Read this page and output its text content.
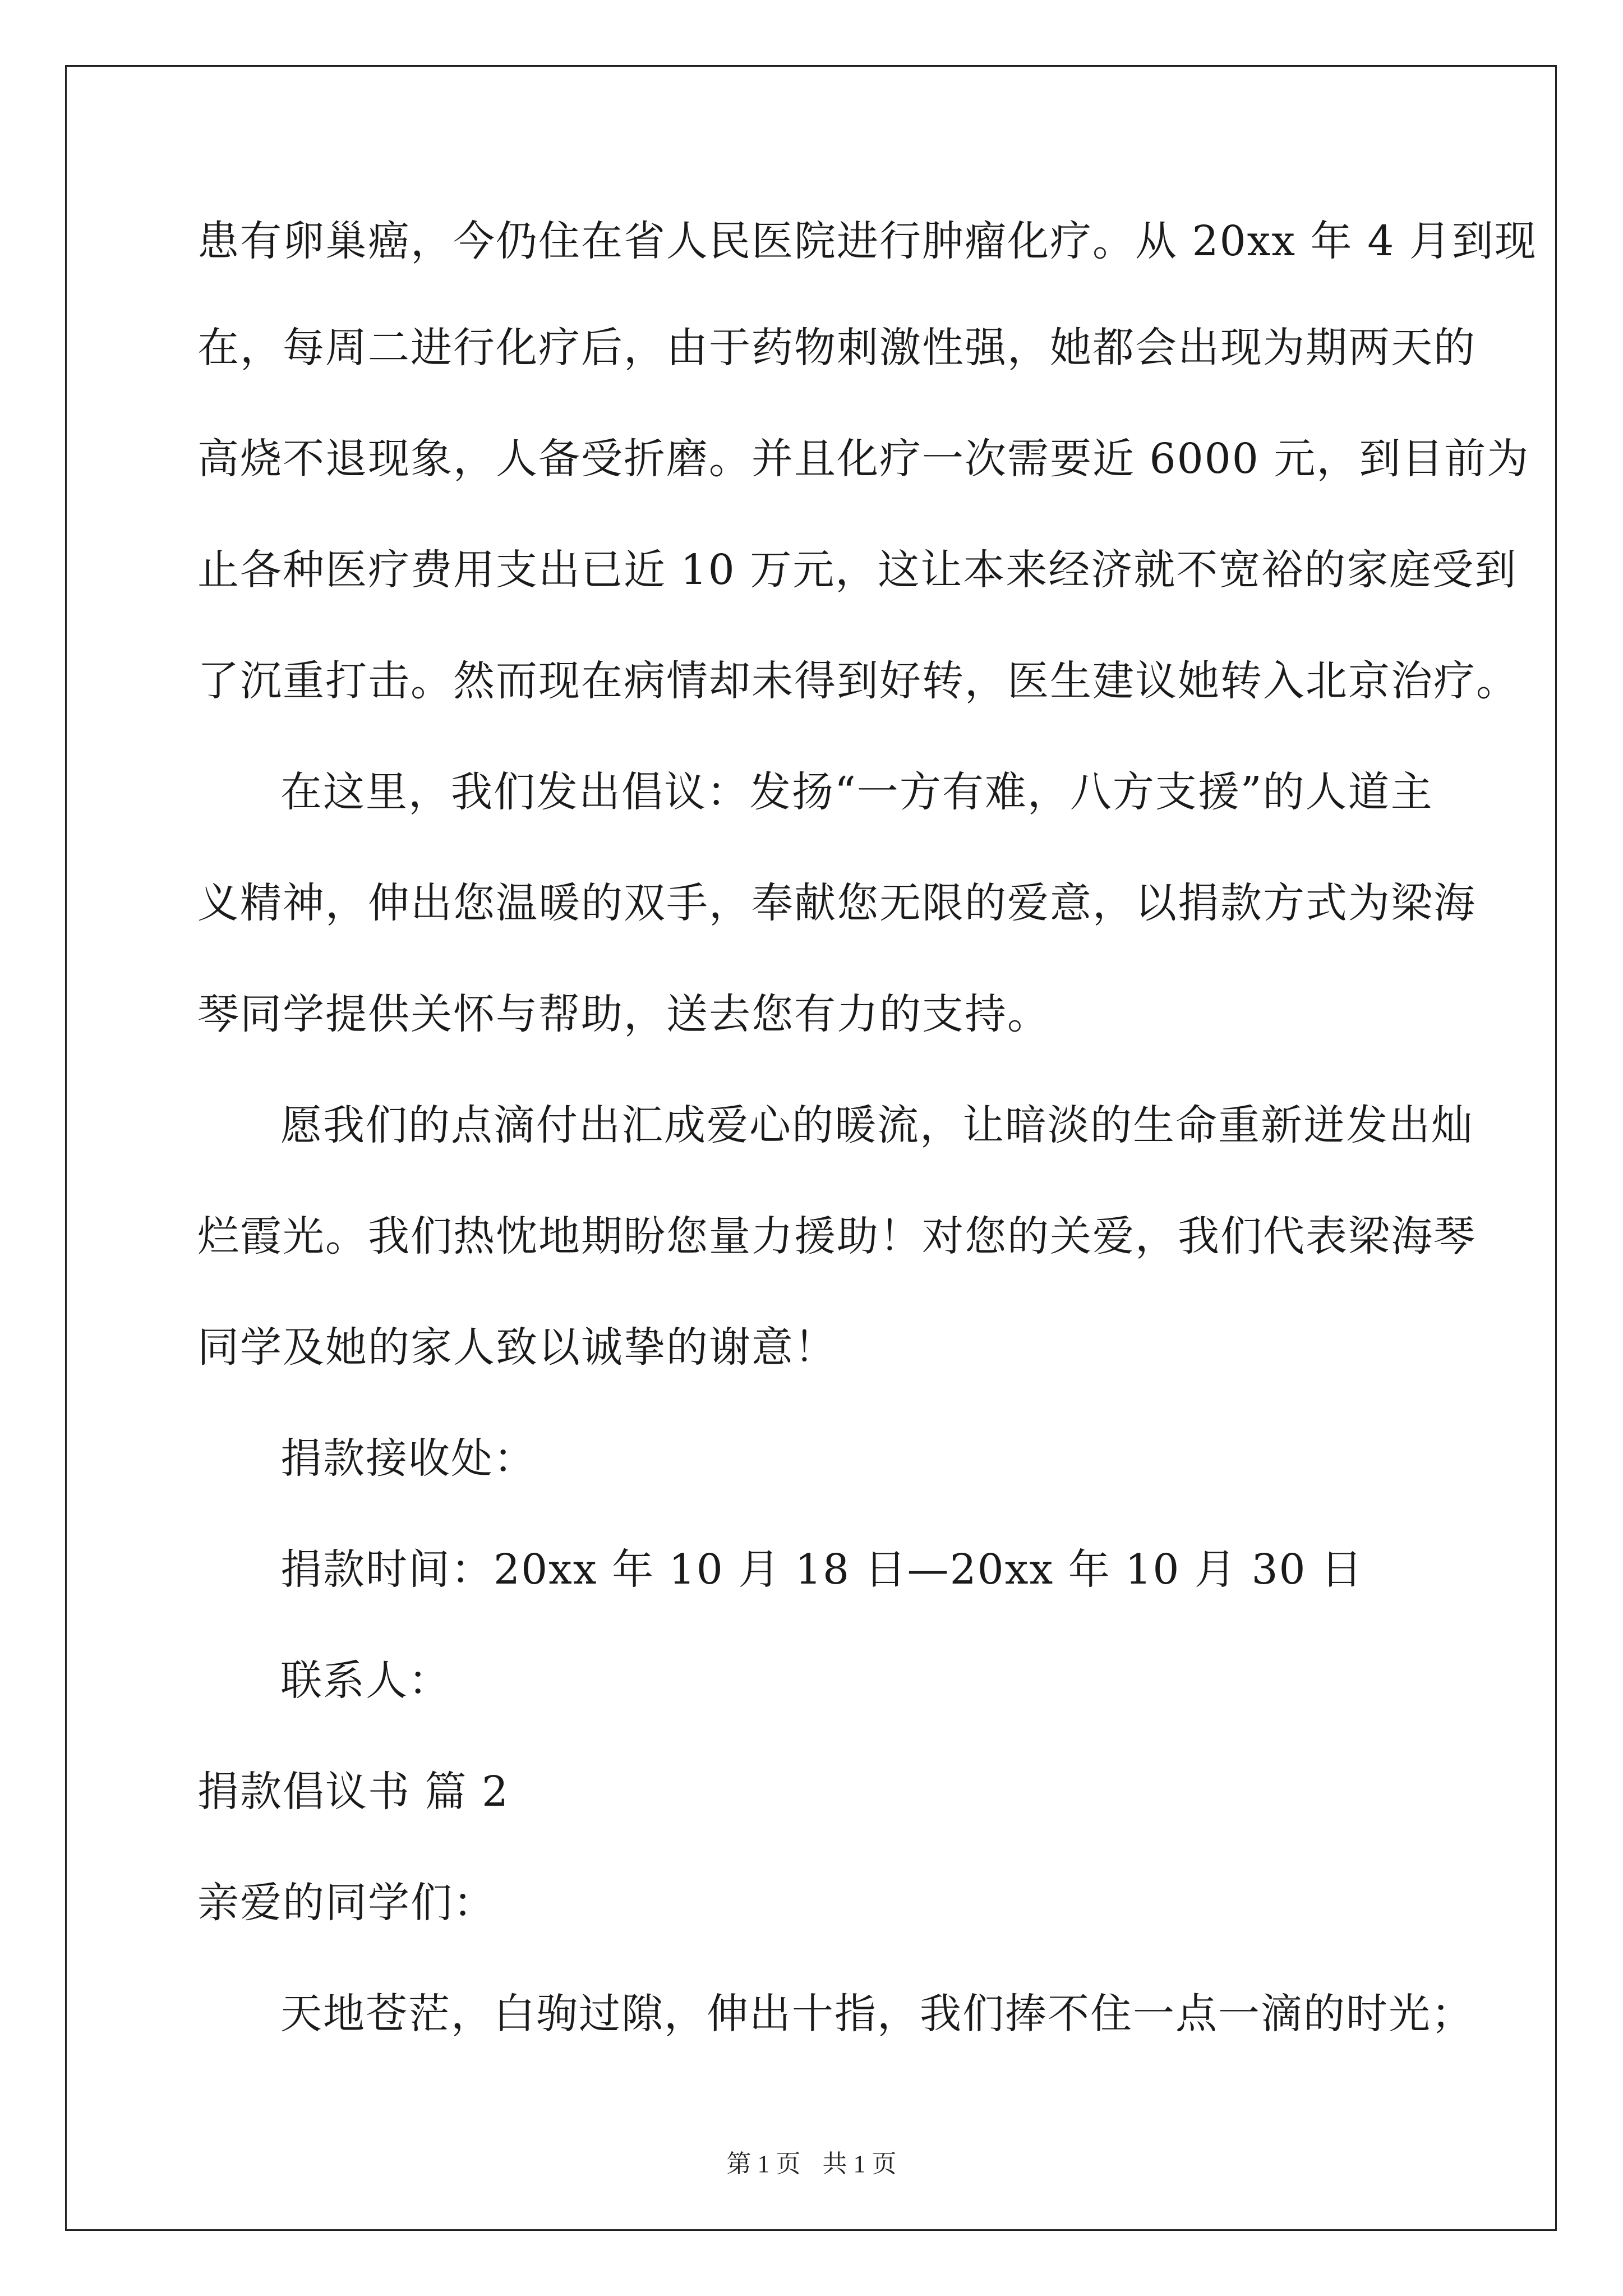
患有卵巢癌，今仍住在省人民医院进行肿瘤化疗。从 20xx 年 4 月到现
在，每周二进行化疗后，由于药物刺激性强，她都会出现为期两天的
高烧不退现象，人备受折磨。并且化疗一次需要近 6000 元，到目前为
止各种医疗费用支出已近 10 万元，这让本来经济就不宽裕的家庭受到
了沉重打击。然而现在病情却未得到好转，医生建议她转入北京治疗。
在这里，我们发出倡议：发扬“一方有难，八方支援”的人道主
义精神，伸出您温暖的双手，奉献您无限的爱意，以捐款方式为梁海
琴同学提供关怀与帮助，送去您有力的支持。
愿我们的点滴付出汇成爱心的暖流，让暗淡的生命重新迸发出灿
烂霞光。我们热忱地期盼您量力援助！对您的关爱，我们代表梁海琴
同学及她的家人致以诚挚的谢意！
捐款接收处：
捐款时间：20xx 年 10 月 18 日—20xx 年 10 月 30 日
联系人：
捐款倡议书 篇 2
亲爱的同学们：
天地苍茫，白驹过隙，伸出十指，我们捧不住一点一滴的时光；
第 1 页 共 1 页
